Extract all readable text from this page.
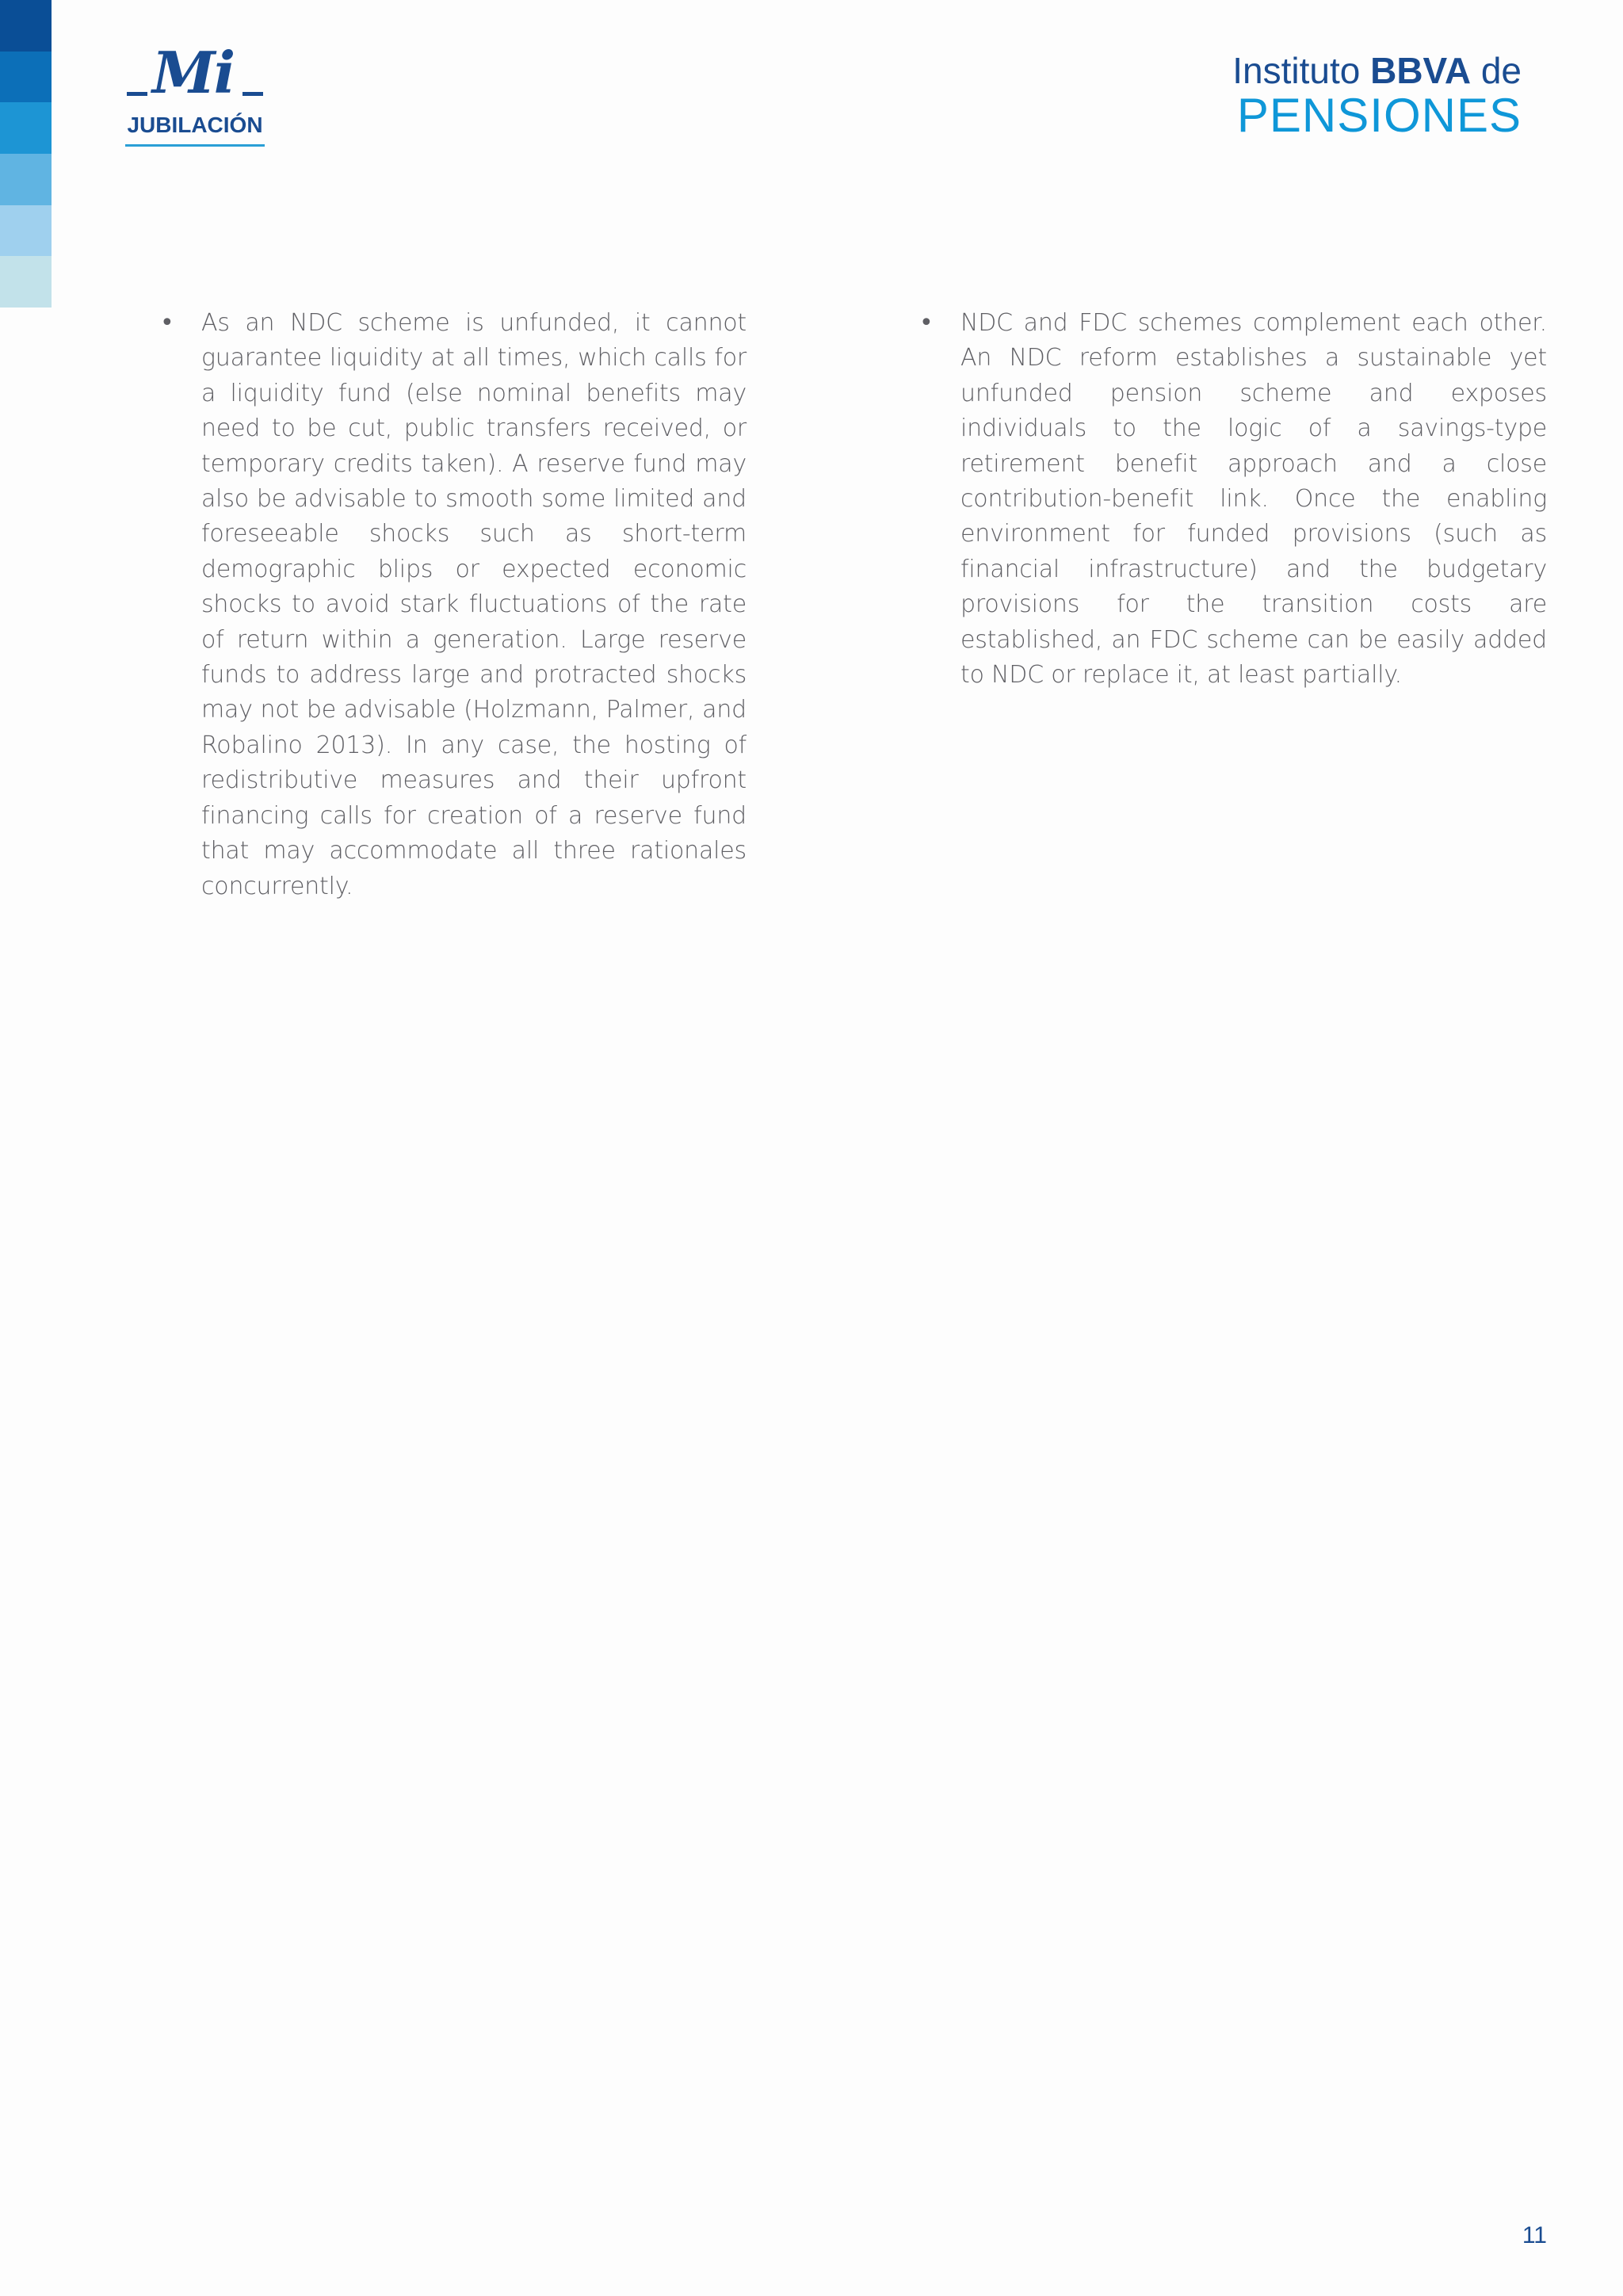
Mi
JUBILACIÓN
Instituto BBVA de
PENSIONES
• As an NDC scheme is unfunded, it cannot guarantee liquidity at all times, which calls for a liquidity fund (else nominal benefits may need to be cut, public transfers received, or temporary credits taken). A reserve fund may also be advisable to smooth some limited and foreseeable shocks such as short-term demographic blips or expected economic shocks to avoid stark fluctuations of the rate of return within a generation. Large reserve funds to address large and protracted shocks may not be advisable (Holzmann, Palmer, and Robalino 2013). In any case, the hosting of redistributive measures and their upfront financing calls for creation of a reserve fund that may accommodate all three rationales concurrently.

• NDC and FDC schemes complement each other. An NDC reform establishes a sustainable yet unfunded pension scheme and exposes individuals to the logic of a savings-type retirement benefit approach and a close contribution-benefit link. Once the enabling environment for funded provisions (such as financial infrastructure) and the budgetary provisions for the transition costs are established, an FDC scheme can be easily added to NDC or replace it, at least partially.

11
